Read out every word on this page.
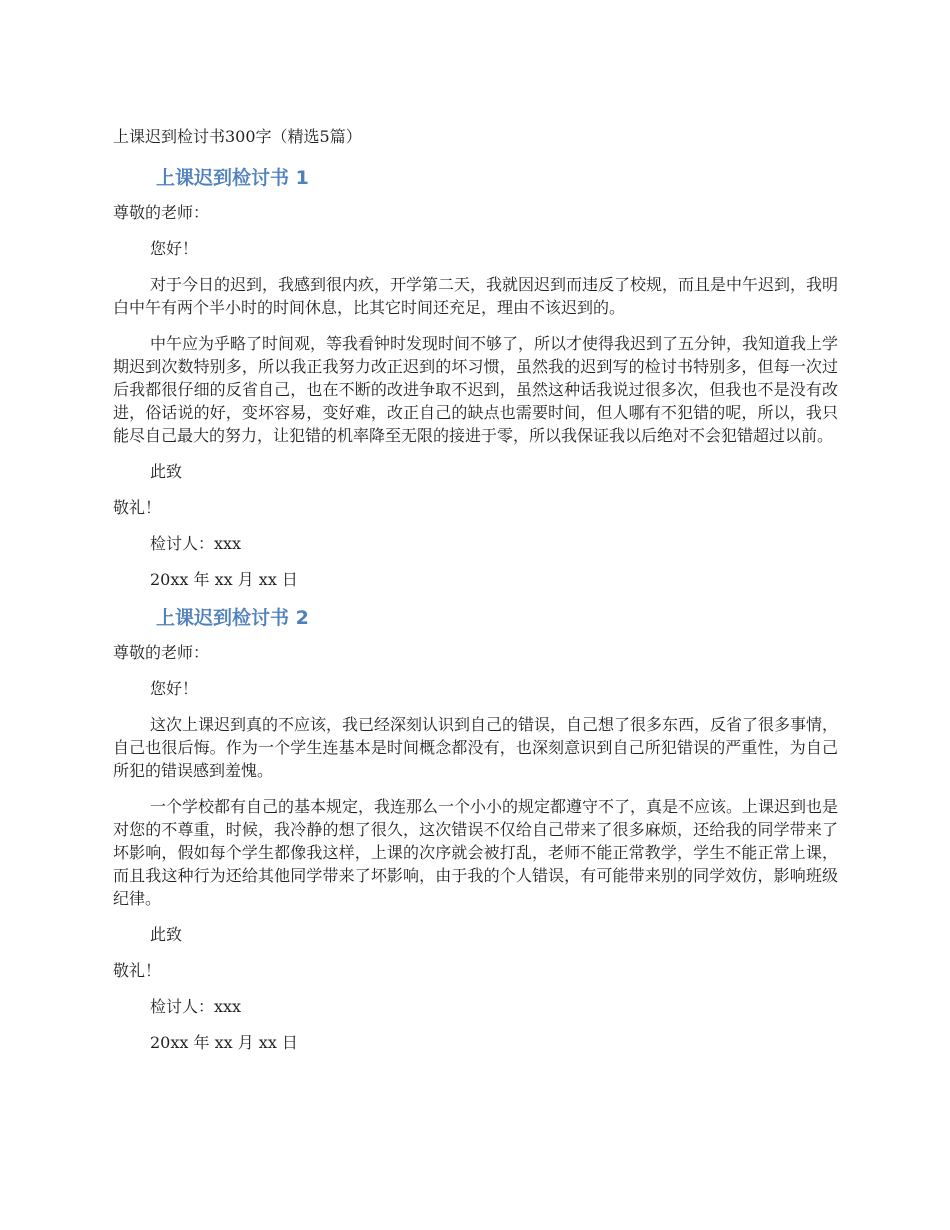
上课迟到检讨书300字（精选5篇）
上课迟到检讨书 1
尊敬的老师：
您好！
对于今日的迟到，我感到很内疚，开学第二天，我就因迟到而违反了校规，而且是中午迟到，我明白中午有两个半小时的时间休息，比其它时间还充足，理由不该迟到的。
中午应为乎略了时间观，等我看钟时发现时间不够了，所以才使得我迟到了五分钟，我知道我上学期迟到次数特别多，所以我正我努力改正迟到的坏习惯，虽然我的迟到写的检讨书特别多，但每一次过后我都很仔细的反省自己，也在不断的改进争取不迟到，虽然这种话我说过很多次，但我也不是没有改进，俗话说的好，变坏容易，变好难，改正自己的缺点也需要时间，但人哪有不犯错的呢，所以，我只能尽自己最大的努力，让犯错的机率降至无限的接进于零，所以我保证我以后绝对不会犯错超过以前。
此致
敬礼！
检讨人：xxx
20xx 年 xx 月 xx 日
上课迟到检讨书 2
尊敬的老师：
您好！
这次上课迟到真的不应该，我已经深刻认识到自己的错误，自己想了很多东西，反省了很多事情，自己也很后悔。作为一个学生连基本是时间概念都没有，也深刻意识到自己所犯错误的严重性，为自己所犯的错误感到羞愧。
一个学校都有自己的基本规定，我连那么一个小小的规定都遵守不了，真是不应该。上课迟到也是对您的不尊重，时候，我冷静的想了很久，这次错误不仅给自己带来了很多麻烦，还给我的同学带来了坏影响，假如每个学生都像我这样，上课的次序就会被打乱，老师不能正常教学，学生不能正常上课，而且我这种行为还给其他同学带来了坏影响，由于我的个人错误，有可能带来别的同学效仿，影响班级纪律。
此致
敬礼！
检讨人：xxx
20xx 年 xx 月 xx 日
